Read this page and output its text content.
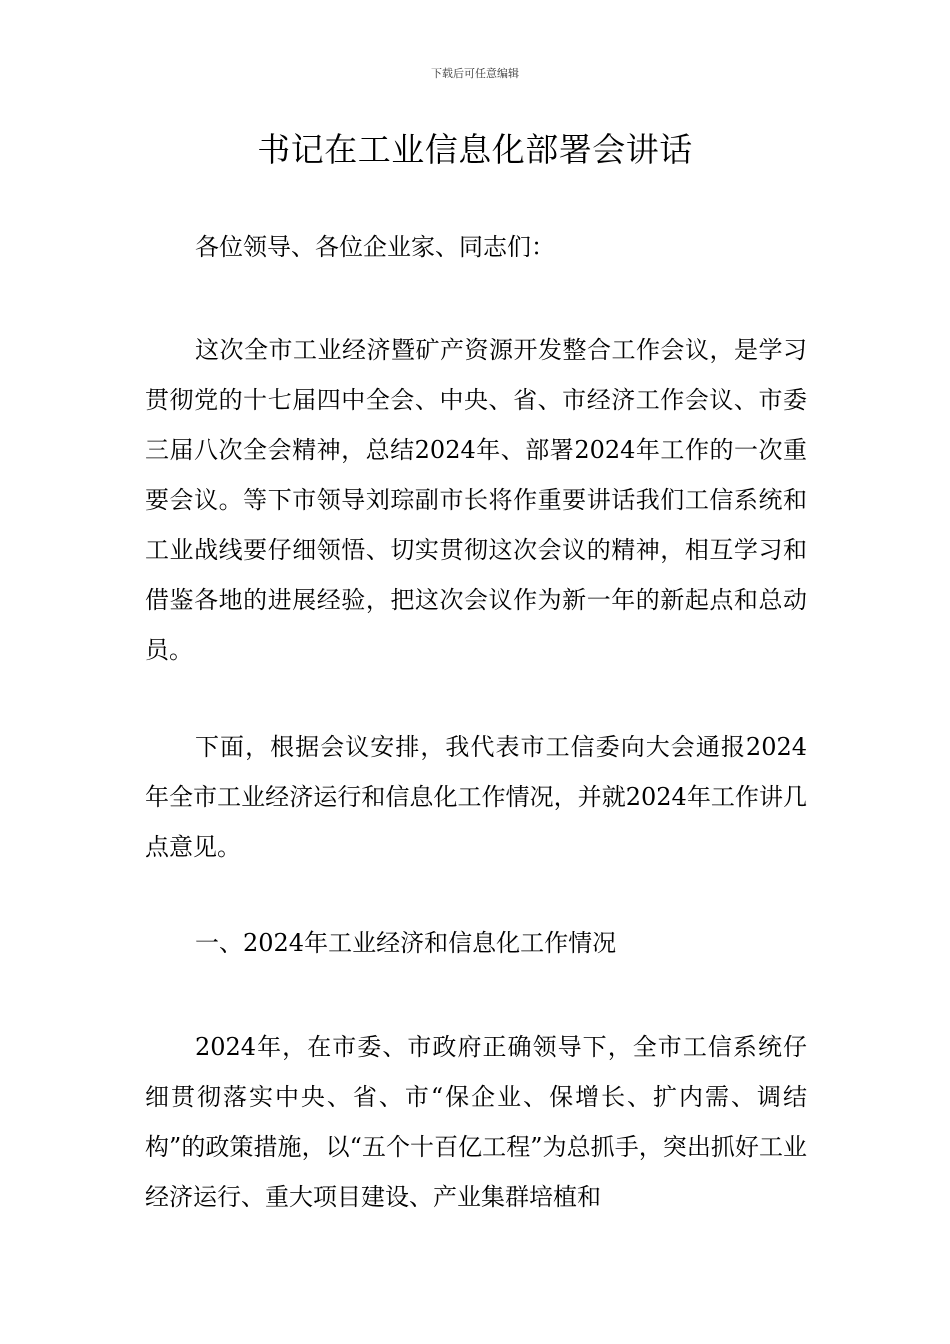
下载后可任意编辑
书记在工业信息化部署会讲话

各位领导、各位企业家、同志们：

这次全市工业经济暨矿产资源开发整合工作会议，是学习贯彻党的十七届四中全会、中央、省、市经济工作会议、市委三届八次全会精神，总结2024年、部署2024年工作的一次重要会议。等下市领导刘琮副市长将作重要讲话我们工信系统和工业战线要仔细领悟、切实贯彻这次会议的精神，相互学习和借鉴各地的进展经验，把这次会议作为新一年的新起点和总动员。

下面，根据会议安排，我代表市工信委向大会通报2024年全市工业经济运行和信息化工作情况，并就2024年工作讲几点意见。

一、2024年工业经济和信息化工作情况

2024年，在市委、市政府正确领导下，全市工信系统仔细贯彻落实中央、省、市“保企业、保增长、扩内需、调结构”的政策措施，以“五个十百亿工程”为总抓手，突出抓好工业经济运行、重大项目建设、产业集群培植和
